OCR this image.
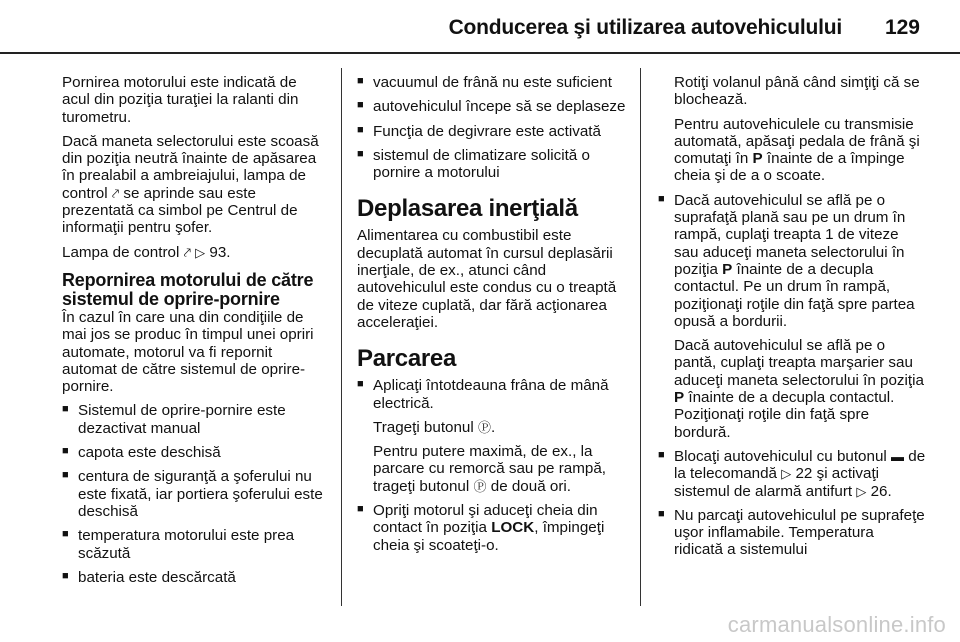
Conducerea şi utilizarea autovehiculului 129

Pornirea motorului este indicată de acul din poziţia turaţiei la ralanti din turometru.

Dacă maneta selectorului este scoasă din poziţia neutră înainte de apăsarea în prealabil a ambreiajului, lampa de control ⤤ se aprinde sau este prezentată ca simbol pe Centrul de informaţii pentru şofer.

Lampa de control ⤤ ▷ 93.

Repornirea motorului de către sistemul de oprire-pornire

În cazul în care una din condiţiile de mai jos se produc în timpul unei opriri automate, motorul va fi repornit automat de către sistemul de oprire-pornire.

■ Sistemul de oprire-pornire este dezactivat manual
■ capota este deschisă
■ centura de siguranţă a şoferului nu este fixată, iar portiera şoferului este deschisă
■ temperatura motorului este prea scăzută
■ bateria este descărcată
■ vacuumul de frână nu este suficient
■ autovehiculul începe să se deplaseze
■ Funcţia de degivrare este activată
■ sistemul de climatizare solicită o pornire a motorului
Deplasarea inerţială

Alimentarea cu combustibil este decuplată automat în cursul deplasării inerţiale, de ex., atunci când autovehiculul este condus cu o treaptă de viteze cuplată, dar fără acţionarea acceleraţiei.

Parcarea
■ Aplicaţi întotdeauna frâna de mână electrică.

Trageţi butonul Ⓟ.

Pentru putere maximă, de ex., la parcare cu remorcă sau pe rampă, trageţi butonul Ⓟ de două ori.

■ Opriţi motorul şi aduceţi cheia din contact în poziţia LOCK, împingeţi cheia şi scoateţi-o.

Rotiţi volanul până când simţiţi că se blochează.

Pentru autovehiculele cu transmisie automată, apăsaţi pedala de frână şi comutaţi în P înainte de a împinge cheia şi de a o scoate.

■ Dacă autovehiculul se află pe o suprafaţă plană sau pe un drum în rampă, cuplaţi treapta 1 de viteze sau aduceţi maneta selectorului în poziţia P înainte de a decupla contactul. Pe un drum în rampă, poziţionaţi roţile din faţă spre partea opusă a bordurii.

Dacă autovehiculul se află pe o pantă, cuplaţi treapta marşarier sau aduceţi maneta selectorului în poziţia P înainte de a decupla contactul. Poziţionaţi roţile din faţă spre bordură.

■ Blocaţi autovehiculul cu butonul ▬ de la telecomandă ▷ 22 şi activaţi sistemul de alarmă antifurt ▷ 26.
■ Nu parcaţi autovehiculul pe suprafeţe uşor inflamabile. Temperatura ridicată a sistemului
carmanualsonline.info
